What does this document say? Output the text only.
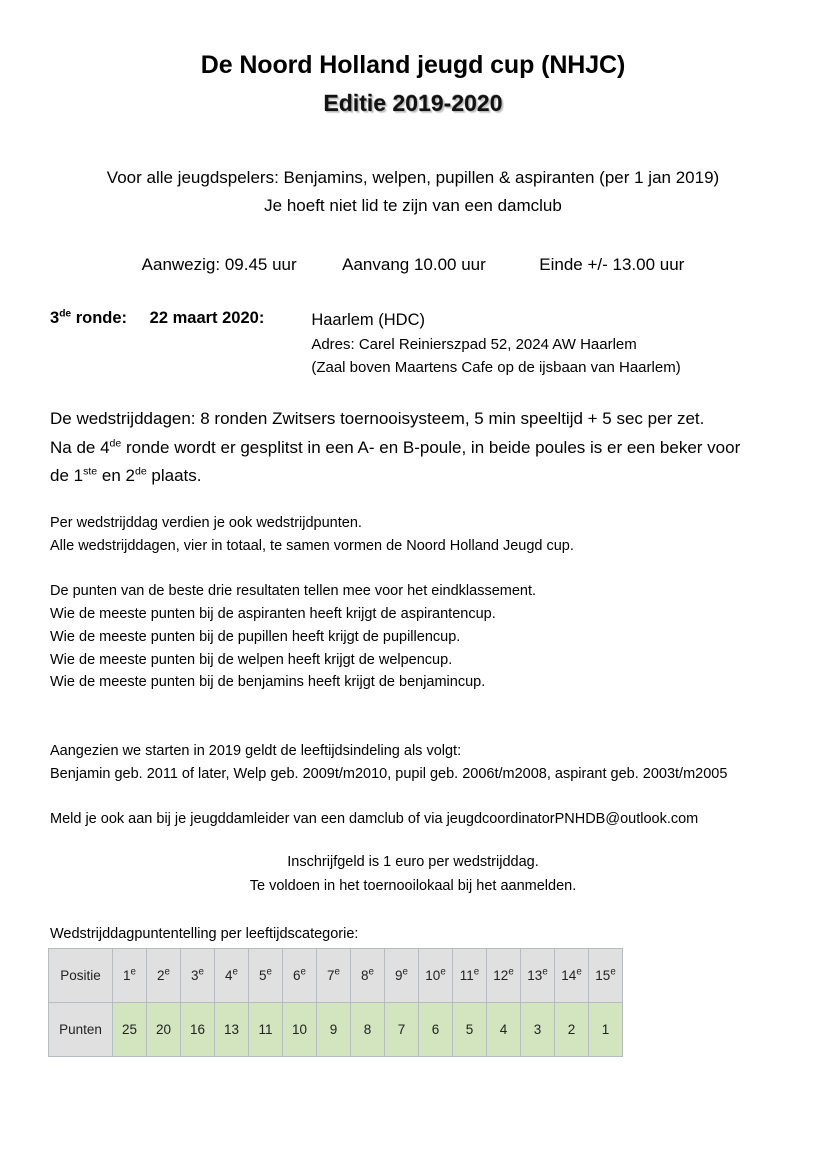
De Noord Holland jeugd cup (NHJC)
Editie 2019-2020
Voor alle jeugdspelers: Benjamins, welpen, pupillen & aspiranten (per 1 jan 2019)
Je hoeft niet lid te zijn van een damclub
Aanwezig: 09.45 uur	Aanvang 10.00 uur	Einde +/- 13.00 uur
3de ronde: 22 maart 2020:	Haarlem (HDC)
Adres: Carel Reinierszpad 52, 2024 AW Haarlem
(Zaal boven Maartens Cafe op de ijsbaan van Haarlem)
De wedstrijddagen: 8 ronden Zwitsers toernooisysteem, 5 min speeltijd + 5 sec per zet.
Na de 4de ronde wordt er gesplitst in een A- en B-poule, in beide poules is er een beker voor
de 1ste en 2de plaats.
Per wedstrijddag verdien je ook wedstrijdpunten.
Alle wedstrijddagen, vier in totaal, te samen vormen de Noord Holland Jeugd cup.
De punten van de beste drie resultaten tellen mee voor het eindklassement.
Wie de meeste punten bij de aspiranten heeft krijgt de aspirantencup.
Wie de meeste punten bij de pupillen heeft krijgt de pupillencup.
Wie de meeste punten bij de welpen heeft krijgt de welpencup.
Wie de meeste punten bij de benjamins heeft krijgt de benjamincup.
Aangezien we starten in 2019 geldt de leeftijdsindeling als volgt:
Benjamin geb. 2011 of later, Welp geb. 2009t/m2010, pupil geb. 2006t/m2008, aspirant geb. 2003t/m2005
Meld je ook aan bij je jeugddamleider van een damclub of via jeugdcoordinatorPNHDB@outlook.com
Inschrijfgeld is 1 euro per wedstrijddag.
Te voldoen in het toernooilokaal bij het aanmelden.
Wedstrijddagpuntentelling per leeftijdscategorie:
Positie	1e	2e	3e	4e	5e	6e	7e	8e	9e	10e	11e	12e	13e	14e	15e
Punten	25	20	16	13	11	10	9	8	7	6	5	4	3	2	1
